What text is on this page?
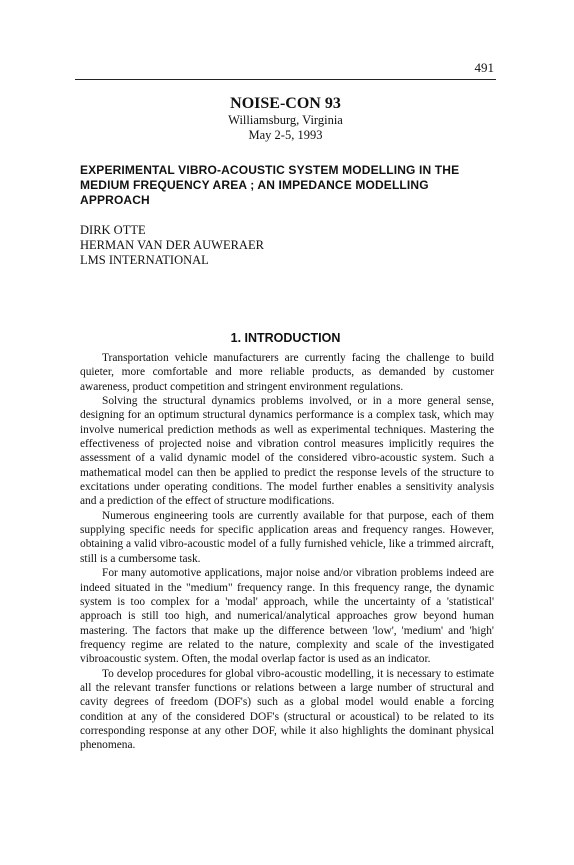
491
NOISE-CON 93
Williamsburg, Virginia
May 2-5, 1993
EXPERIMENTAL VIBRO-ACOUSTIC SYSTEM MODELLING IN THE MEDIUM FREQUENCY AREA ; AN IMPEDANCE MODELLING APPROACH
DIRK OTTE
HERMAN VAN DER AUWERAER
LMS INTERNATIONAL
1. INTRODUCTION

Transportation vehicle manufacturers are currently facing the challenge to build quieter, more comfortable and more reliable products, as demanded by customer awareness, product competition and stringent environment regulations.

Solving the structural dynamics problems involved, or in a more general sense, designing for an optimum structural dynamics performance is a complex task, which may involve numerical prediction methods as well as experimental techniques. Mastering the effectiveness of projected noise and vibration control measures implicitly requires the assessment of a valid dynamic model of the considered vibro-acoustic system. Such a mathematical model can then be applied to predict the response levels of the structure to excitations under operating conditions. The model further enables a sensitivity analysis and a prediction of the effect of structure modifications.

Numerous engineering tools are currently available for that purpose, each of them supplying specific needs for specific application areas and frequency ranges. However, obtaining a valid vibro-acoustic model of a fully furnished vehicle, like a trimmed aircraft, still is a cumbersome task.

For many automotive applications, major noise and/or vibration problems indeed are indeed situated in the "medium" frequency range. In this frequency range, the dynamic system is too complex for a 'modal' approach, while the uncertainty of a 'statistical' approach is still too high, and numerical/analytical approaches grow beyond human mastering. The factors that make up the difference between 'low', 'medium' and 'high' frequency regime are related to the nature, complexity and scale of the investigated vibroacoustic system. Often, the modal overlap factor is used as an indicator.

To develop procedures for global vibro-acoustic modelling, it is necessary to estimate all the relevant transfer functions or relations between a large number of structural and cavity degrees of freedom (DOF's) such as a global model would enable a forcing condition at any of the considered DOF's (structural or acoustical) to be related to its corresponding response at any other DOF, while it also highlights the dominant physical phenomena.
